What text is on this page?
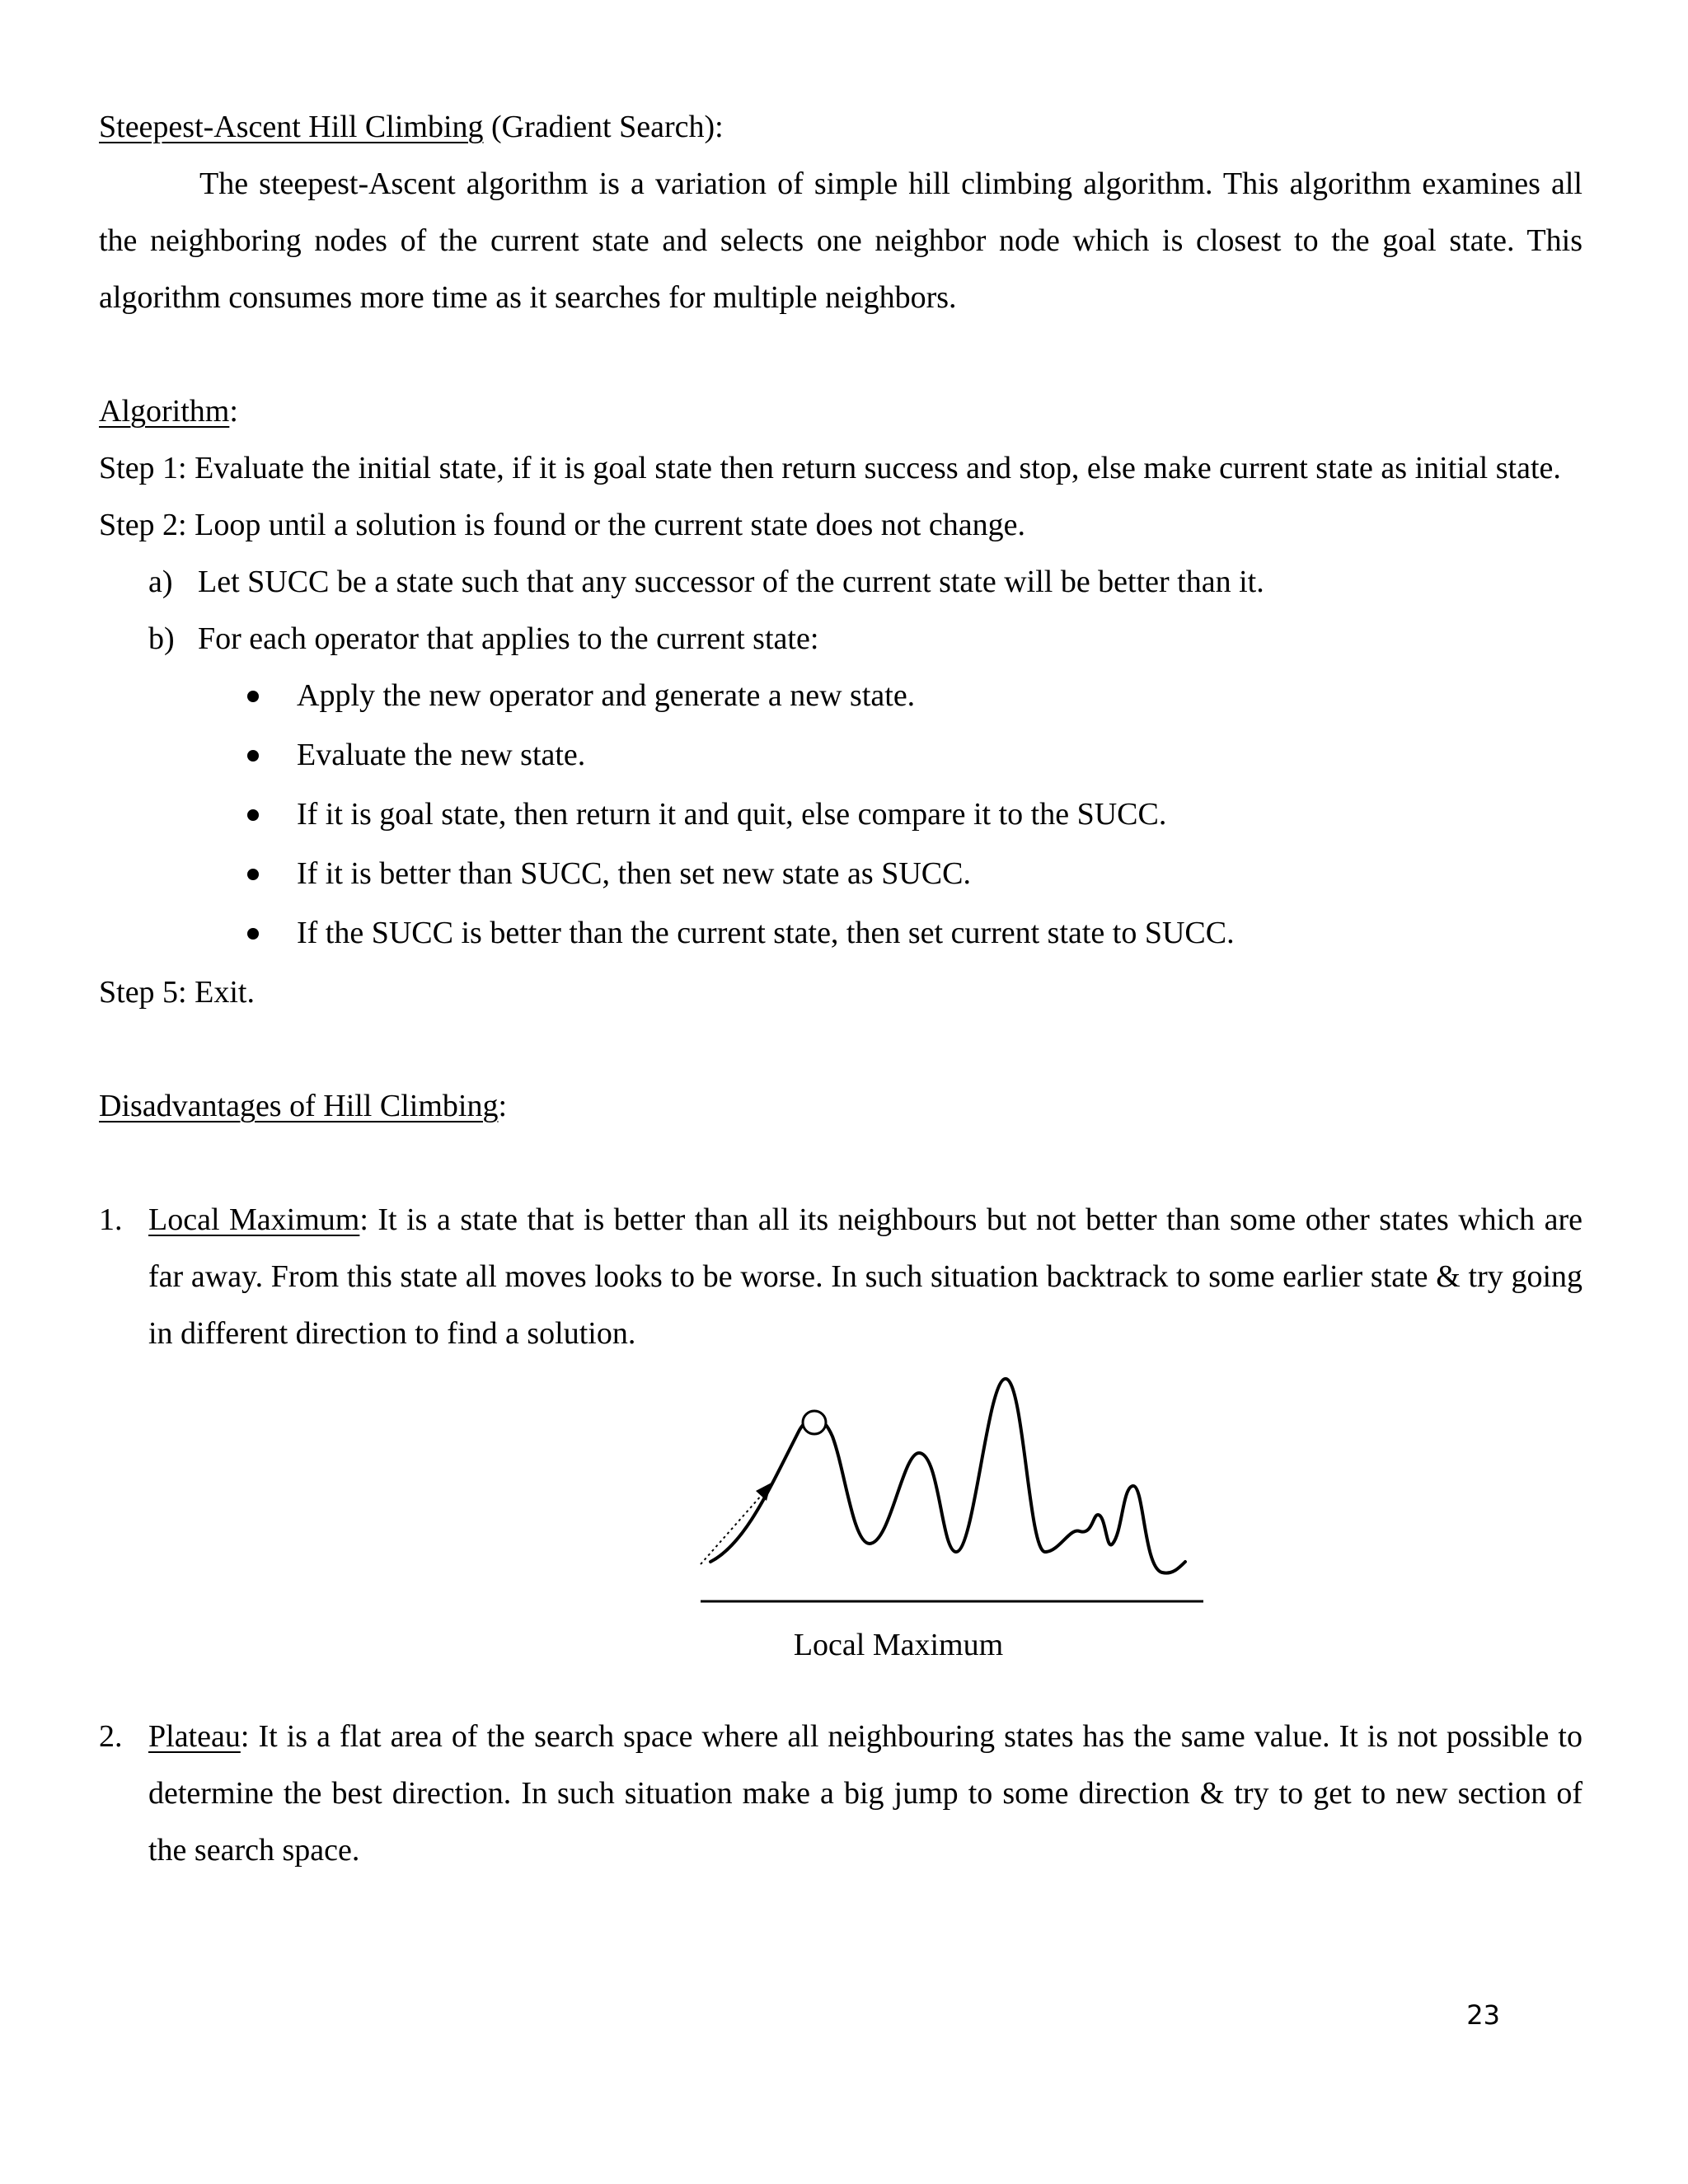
Steepest-Ascent Hill Climbing (Gradient Search):

The steepest-Ascent algorithm is a variation of simple hill climbing algorithm. This algorithm examines all the neighboring nodes of the current state and selects one neighbor node which is closest to the goal state. This algorithm consumes more time as it searches for multiple neighbors.

Algorithm:

Step 1: Evaluate the initial state, if it is goal state then return success and stop, else make current state as initial state.

Step 2: Loop until a solution is found or the current state does not change.

a) Let SUCC be a state such that any successor of the current state will be better than it.
b) For each operator that applies to the current state:
Apply the new operator and generate a new state.
Evaluate the new state.
If it is goal state, then return it and quit, else compare it to the SUCC.
If it is better than SUCC, then set new state as SUCC.
If the SUCC is better than the current state, then set current state to SUCC.

Step 5: Exit.

Disadvantages of Hill Climbing:

1. Local Maximum: It is a state that is better than all its neighbours but not better than some other states which are far away. From this state all moves looks to be worse. In such situation backtrack to some earlier state & try going in different direction to find a solution.
Local Maximum
2. Plateau: It is a flat area of the search space where all neighbouring states has the same value. It is not possible to determine the best direction. In such situation make a big jump to some direction & try to get to new section of the search space.
23
